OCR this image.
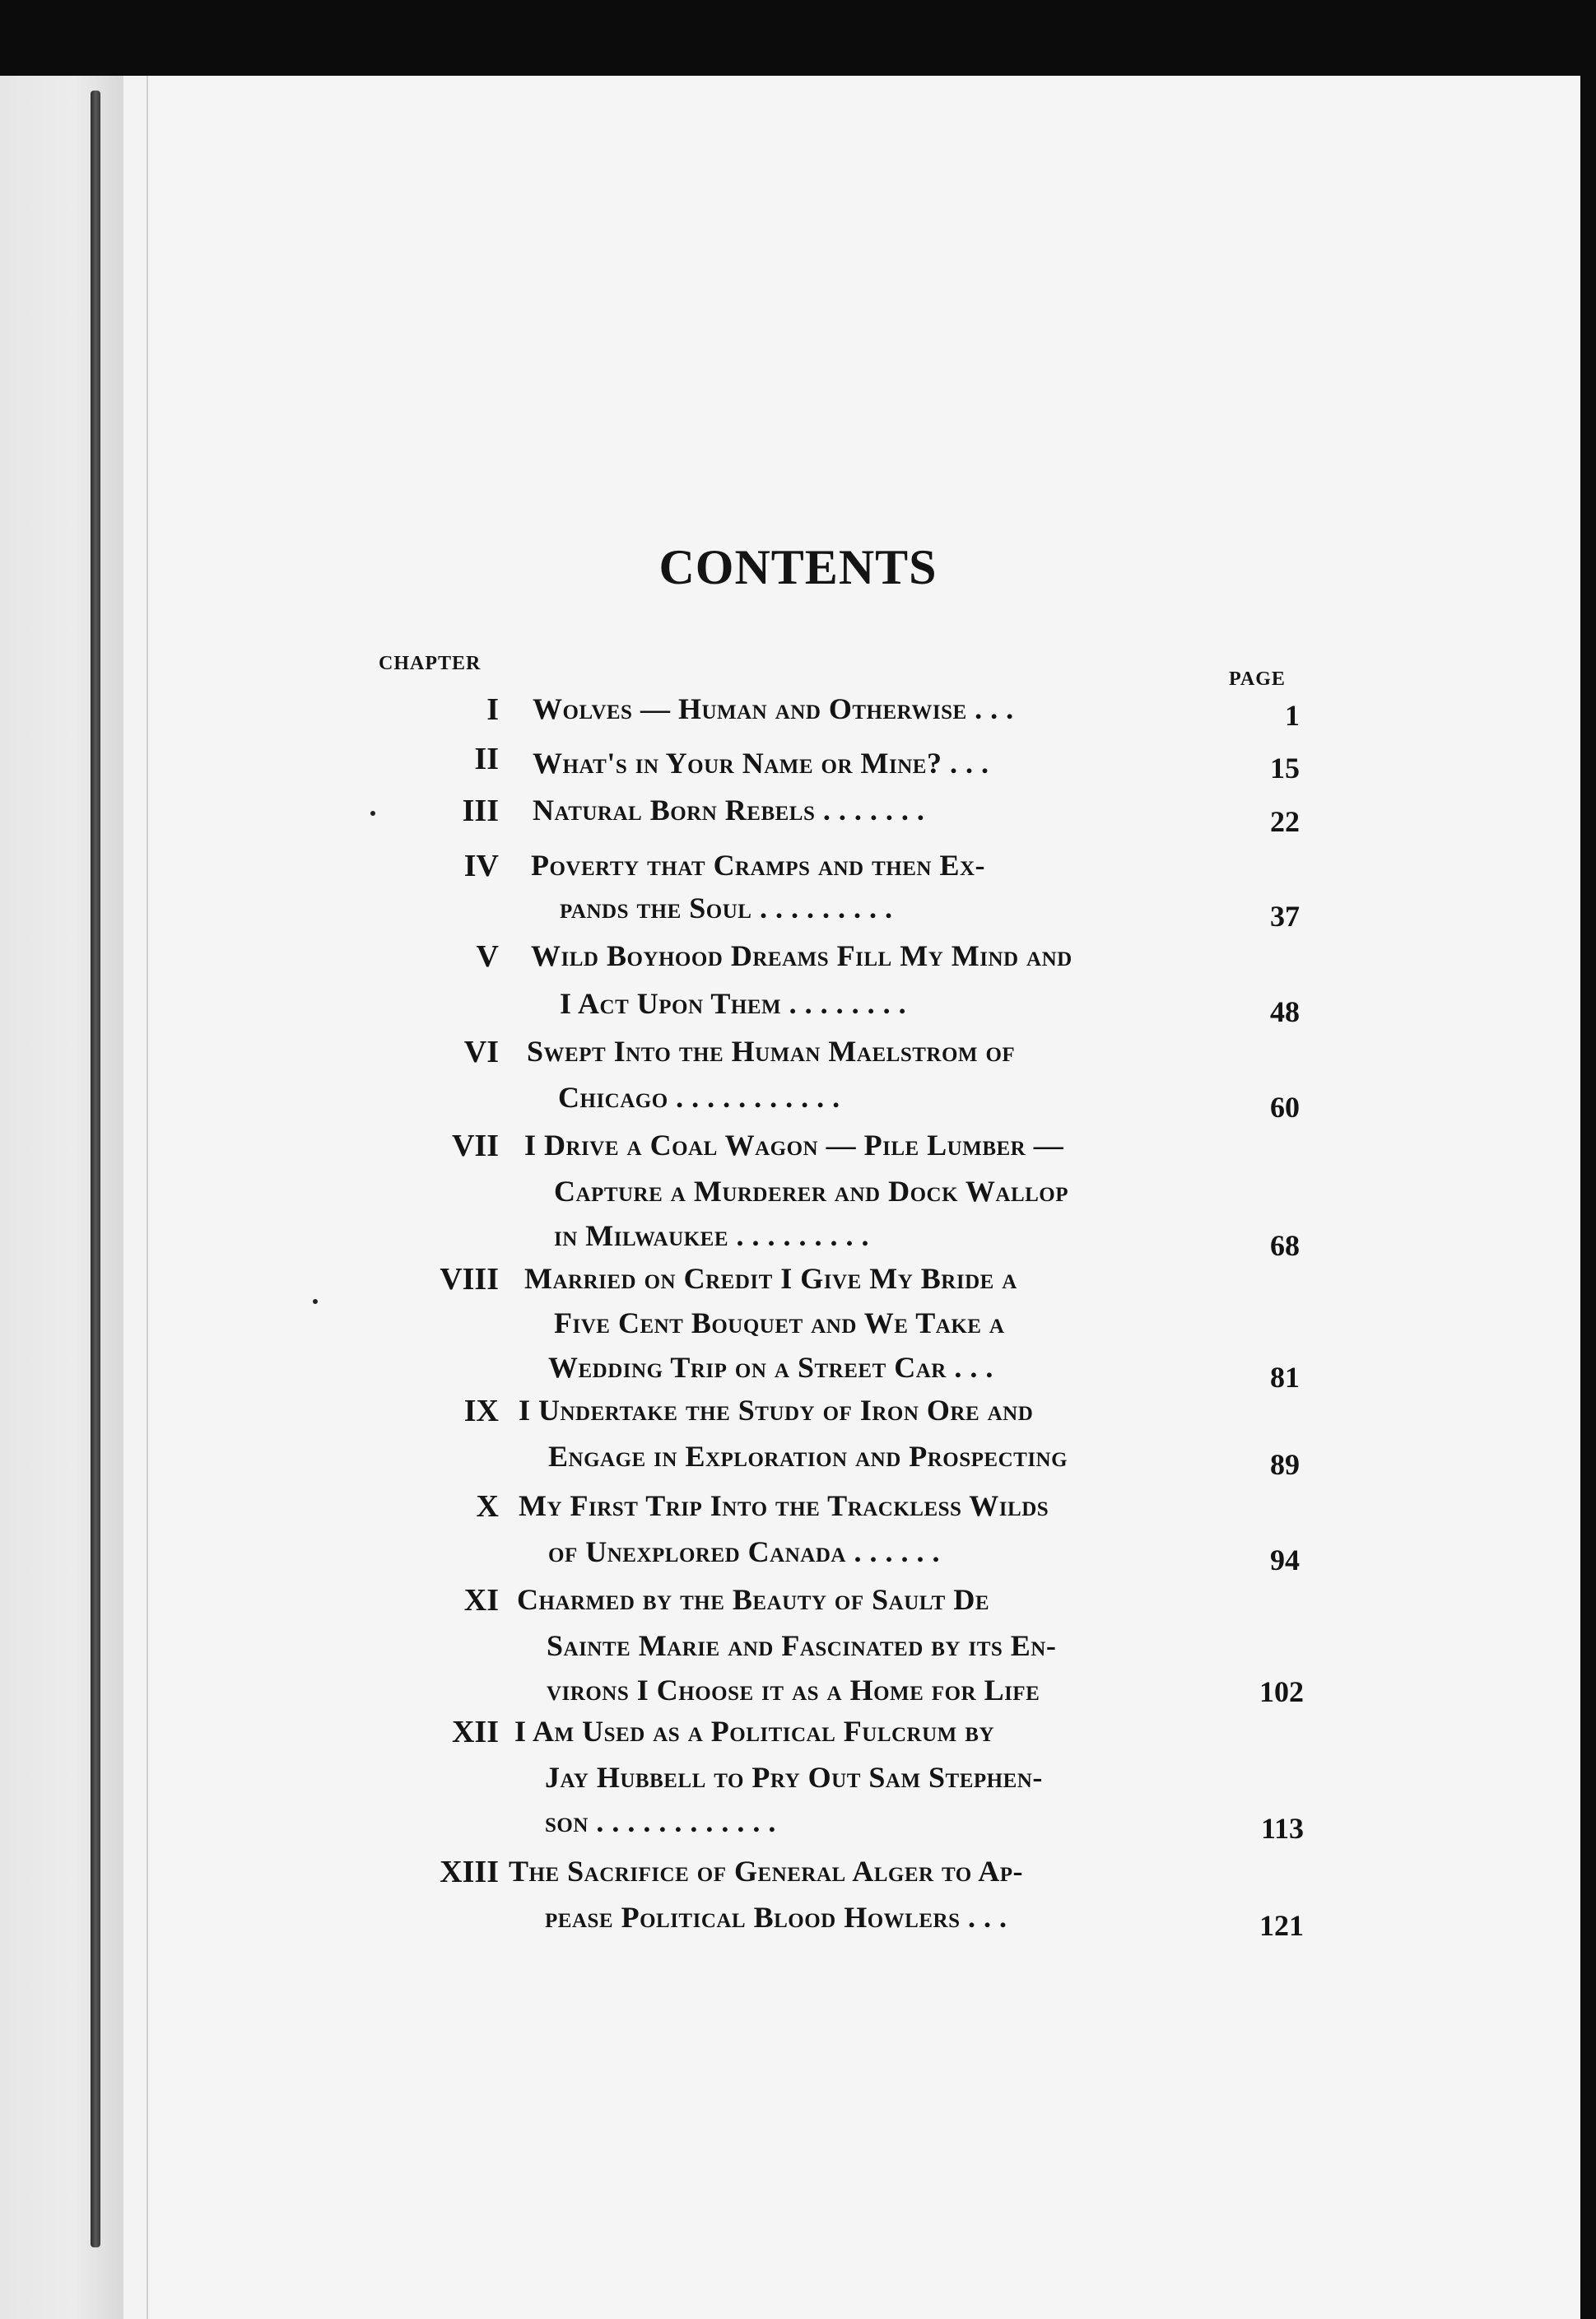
CONTENTS
CHAPTER
PAGE
I Wolves — Human and Otherwise . . .	1
II What's in Your Name or Mine? . . .	15
III Natural Born Rebels . . . . . . .	22
IV Poverty that Cramps and then Ex-
pands the Soul . . . . . . . . .	37
V Wild Boyhood Dreams Fill My Mind and
I Act Upon Them . . . . . . . .	48
VI Swept Into the Human Maelstrom of
Chicago . . . . . . . . . . .	60
VII I Drive a Coal Wagon — Pile Lumber —
Capture a Murderer and Dock Wallop
in Milwaukee . . . . . . . . .	68
VIII Married on Credit I Give My Bride a
Five Cent Bouquet and We Take a
Wedding Trip on a Street Car . . .	81
IX I Undertake the Study of Iron Ore and
Engage in Exploration and Prospecting	89
X My First Trip Into the Trackless Wilds
of Unexplored Canada . . . . . .	94
XI Charmed by the Beauty of Sault De
Sainte Marie and Fascinated by its En-
virons I Choose it as a Home for Life	102
XII I Am Used as a Political Fulcrum by
Jay Hubbell to Pry Out Sam Stephen-
son . . . . . . . . . . . .	113
XIII The Sacrifice of General Alger to Ap-
pease Political Blood Howlers . . .	121
